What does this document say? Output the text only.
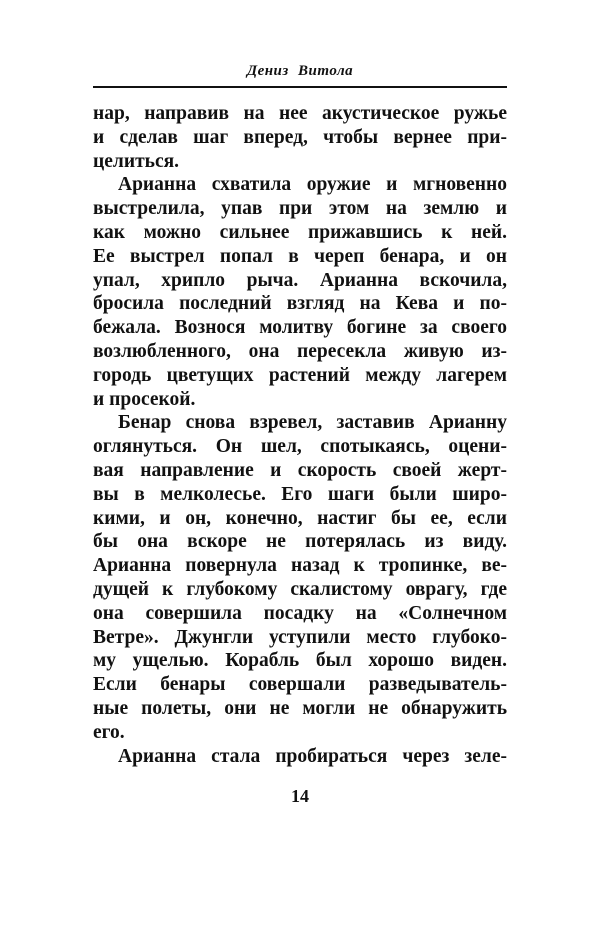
Дениз Витола
нар, направив на нее акустическое ружье
и сделав шаг вперед, чтобы вернее при-
целиться.
Арианна схватила оружие и мгновенно
выстрелила, упав при этом на землю и
как можно сильнее прижавшись к ней.
Ее выстрел попал в череп бенара, и он
упал, хрипло рыча. Арианна вскочила,
бросила последний взгляд на Кева и по-
бежала. Вознося молитву богине за своего
возлюбленного, она пересекла живую из-
городь цветущих растений между лагерем
и просекой.
Бенар снова взревел, заставив Арианну
оглянуться. Он шел, спотыкаясь, оцени-
вая направление и скорость своей жерт-
вы в мелколесье. Его шаги были широ-
кими, и он, конечно, настиг бы ее, если
бы она вскоре не потерялась из виду.
Арианна повернула назад к тропинке, ве-
дущей к глубокому скалистому оврагу, где
она совершила посадку на «Солнечном
Ветре». Джунгли уступили место глубоко-
му ущелью. Корабль был хорошо виден.
Если бенары совершали разведыватель-
ные полеты, они не могли не обнаружить
его.
Арианна стала пробираться через зеле-
14
